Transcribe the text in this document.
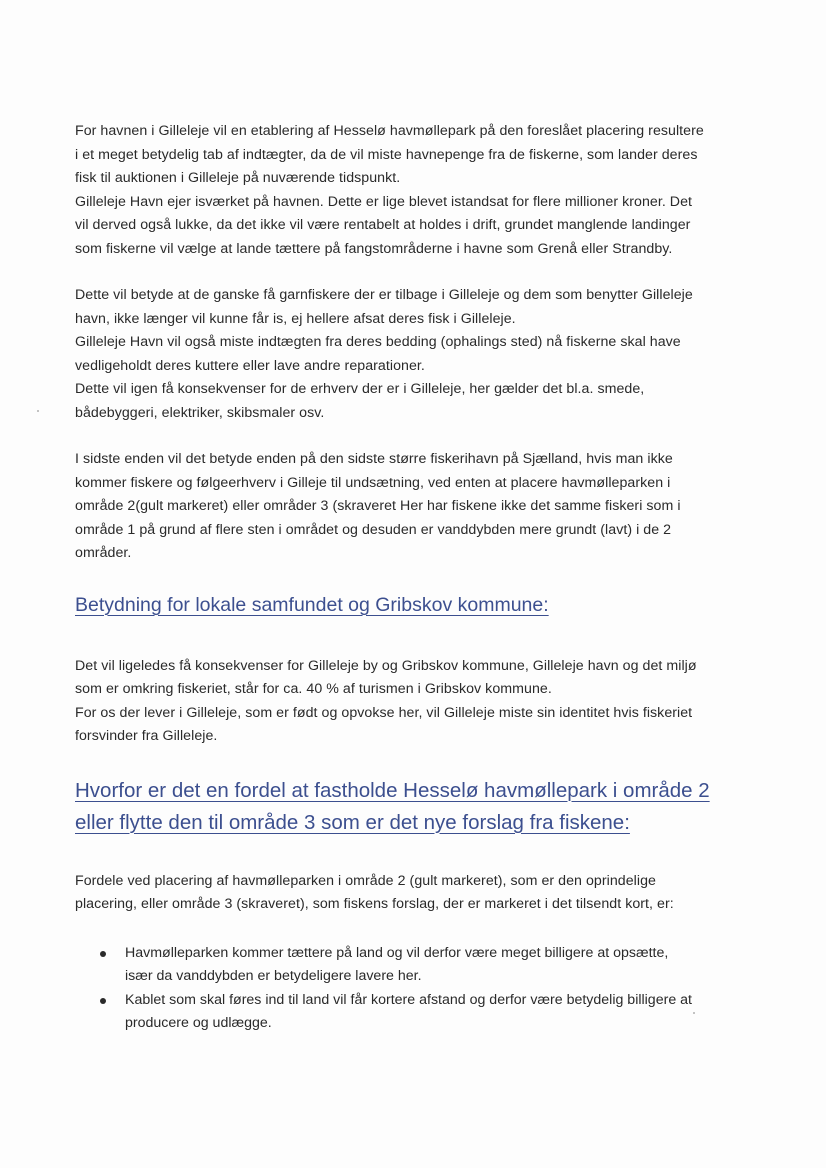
For havnen i Gilleleje vil en etablering af Hesselø havmøllepark på den foreslået placering resultere
i et meget betydelig tab af indtægter, da de vil miste havnepenge fra de fiskerne, som lander deres
fisk til auktionen i Gilleleje på nuværende tidspunkt.

Gilleleje Havn ejer isværket på havnen. Dette er lige blevet istandsat for flere millioner kroner. Det
vil derved også lukke, da det ikke vil være rentabelt at holdes i drift, grundet manglende landinger
som fiskerne vil vælge at lande tættere på fangstområderne i havne som Grenå eller Strandby.

Dette vil betyde at de ganske få garnfiskere der er tilbage i Gilleleje og dem som benytter Gilleleje
havn, ikke længer vil kunne får is, ej hellere afsat deres fisk i Gilleleje.

Gilleleje Havn vil også miste indtægten fra deres bedding (ophalings sted) nå fiskerne skal have
vedligeholdt deres kuttere eller lave andre reparationer.

Dette vil igen få konsekvenser for de erhverv der er i Gilleleje, her gælder det bl.a. smede,
bådebyggeri, elektriker, skibsmaler osv.

I sidste enden vil det betyde enden på den sidste større fiskerihavn på Sjælland, hvis man ikke
kommer fiskere og følgeerhverv i Gilleje til undsætning, ved enten at placere havmølleparken i
område 2(gult markeret) eller områder 3 (skraveret Her har fiskene ikke det samme fiskeri som i
område 1 på grund af flere sten i området og desuden er vanddybden mere grundt (lavt) i de 2
områder.

Betydning for lokale samfundet og Gribskov kommune:

Det vil ligeledes få konsekvenser for Gilleleje by og Gribskov kommune, Gilleleje havn og det miljø
som er omkring fiskeriet, står for ca. 40 % af turismen i Gribskov kommune.

For os der lever i Gilleleje, som er født og opvokse her, vil Gilleleje miste sin identitet hvis fiskeriet
forsvinder fra Gilleleje.

Hvorfor er det en fordel at fastholde Hesselø havmøllepark i område 2
eller flytte den til område 3 som er det nye forslag fra fiskene:

Fordele ved placering af havmølleparken i område 2 (gult markeret), som er den oprindelige
placering, eller område 3 (skraveret), som fiskens forslag, der er markeret i det tilsendt kort, er:

Havmølleparken kommer tættere på land og vil derfor være meget billigere at opsætte,
især da vanddybden er betydeligere lavere her.
Kablet som skal føres ind til land vil får kortere afstand og derfor være betydelig billigere at
producere og udlægge.
